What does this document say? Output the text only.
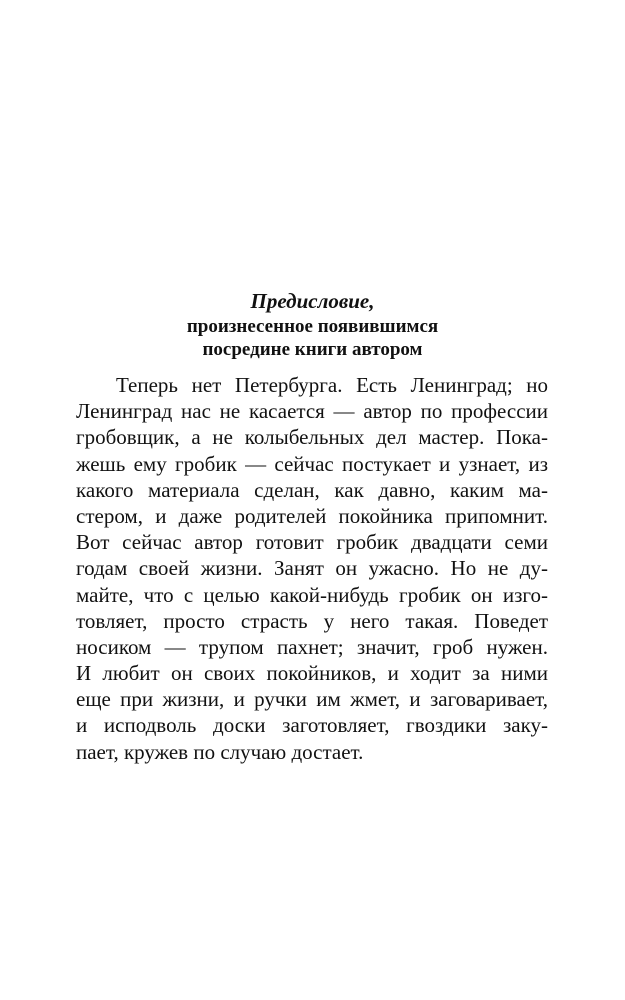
Предисловие,
произнесенное появившимся
посредине книги автором
Теперь нет Петербурга. Есть Ленинград; но
Ленинград нас не касается — автор по профессии
гробовщик, а не колыбельных дел мастер. Пока-
жешь ему гробик — сейчас постукает и узнает, из
какого материала сделан, как давно, каким ма-
стером, и даже родителей покойника припомнит.
Вот сейчас автор готовит гробик двадцати семи
годам своей жизни. Занят он ужасно. Но не ду-
майте, что с целью какой-нибудь гробик он изго-
товляет, просто страсть у него такая. Поведет
носиком — трупом пахнет; значит, гроб нужен.
И любит он своих покойников, и ходит за ними
еще при жизни, и ручки им жмет, и заговаривает,
и исподволь доски заготовляет, гвоздики заку-
пает, кружев по случаю достает.
